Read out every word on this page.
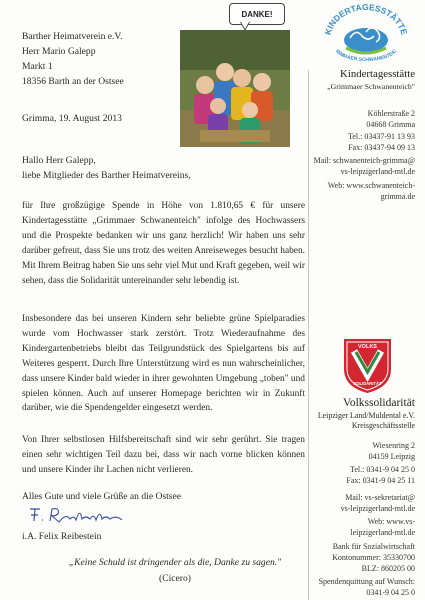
DANKE!
Barther Heimatverein e.V.
Herr Mario Galepp
Markt 1
18356 Barth an der Ostsee
Grimma, 19. August 2013
Hallo Herr Galepp,
liebe Mitglieder des Barther Heimatvereins,
für Ihre großzügige Spende in Höhe von 1.810,65 € für unsere Kindertagesstätte „Grimmaer Schwanenteich" infolge des Hochwassers und die Prospekte bedanken wir uns ganz herzlich! Wir haben uns sehr darüber gefreut, dass Sie uns trotz des weiten Anreiseweges besucht haben. Mit Ihrem Beitrag haben Sie uns sehr viel Mut und Kraft gegeben, weil wir sehen, dass die Solidarität untereinander sehr lebendig ist.
Insbesondere das bei unseren Kindern sehr beliebte grüne Spielparadies wurde vom Hochwasser stark zerstört. Trotz Wiederaufnahme des Kindergartenbetriebs bleibt das Teilgrundstück des Spielgartens bis auf Weiteres gesperrt. Durch Ihre Unterstützung wird es nun wahrscheinlicher, dass unsere Kinder bald wieder in ihrer gewohnten Umgebung „toben" und spielen können. Auch auf unserer Homepage berichten wir in Zukunft darüber, wie die Spendengelder eingesetzt werden.
Von Ihrer selbstlosen Hilfsbereitschaft sind wir sehr gerührt. Sie tragen einen sehr wichtigen Teil dazu bei, dass wir nach vorne blicken können und unsere Kinder ihr Lachen nicht verlieren.
Alles Gute und viele Grüße an die Ostsee
i.A. Felix Reibestein
„Keine Schuld ist dringender als die, Danke zu sagen."
(Cicero)
KINDERTAGESSTÄTTE
RIMMAER SCHWANENTEIC
Kindertagesstätte
„Grimmaer Schwanenteich"
Köhlerstraße 2
04668 Grimma
Tel.: 03437-91 13 93
Fax: 03437-94 09 13
Mail: schwanenteich-grimma@
vs-leipzigerland-mtl.de
Web: www.schwanenteich-
grimma.de
VOLKS
SOLIDARITÄT
Volkssolidarität
Leipziger Land/Muldental e.V.
Kreisgeschäftsstelle
Wiesenring 2
04159 Leipzig
Tel.: 0341-9 04 25 0
Fax: 0341-9 04 25 11
Mail: vs-sekretariat@
vs-leipzigerland-mtl.de
Web: www.vs-
leipzigerland-mtl.de
Bank für Sozialwirtschaft
Kontonummer: 35330700
BLZ: 860205 00
Spendenquittung auf Wunsch:
0341-9 04 25 0
